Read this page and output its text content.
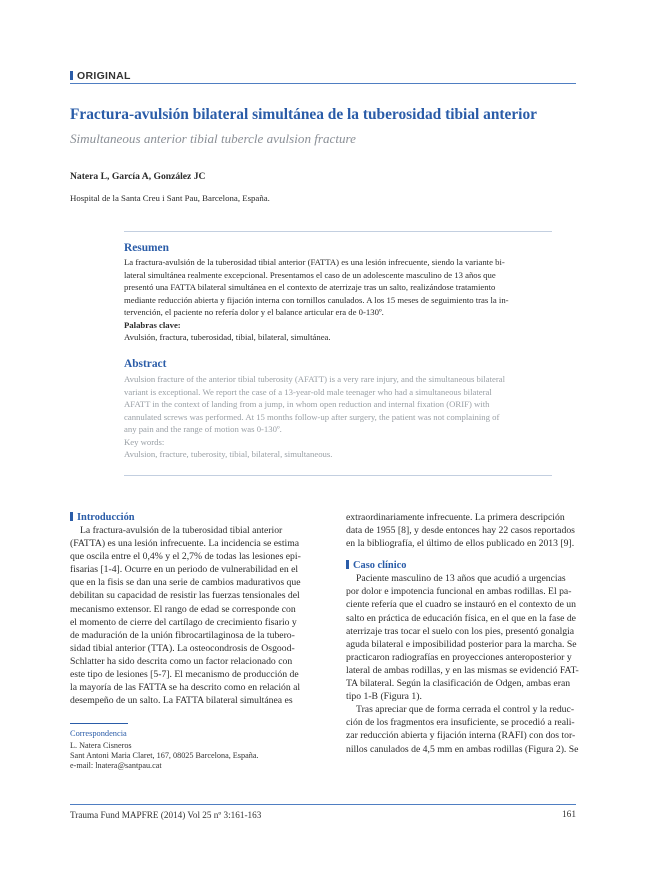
ORIGINAL
Fractura-avulsión bilateral simultánea de la tuberosidad tibial anterior
Simultaneous anterior tibial tubercle avulsion fracture
Natera L, García A, González JC
Hospital de la Santa Creu i Sant Pau, Barcelona, España.
Resumen
La fractura-avulsión de la tuberosidad tibial anterior (FATTA) es una lesión infrecuente, siendo la variante bi-
lateral simultánea realmente excepcional. Presentamos el caso de un adolescente masculino de 13 años que
presentó una FATTA bilateral simultánea en el contexto de aterrizaje tras un salto, realizándose tratamiento
mediante reducción abierta y fijación interna con tornillos canulados. A los 15 meses de seguimiento tras la in-
tervención, el paciente no refería dolor y el balance articular era de 0-130º.
Palabras clave:
Avulsión, fractura, tuberosidad, tibial, bilateral, simultánea.
Abstract
Avulsion fracture of the anterior tibial tuberosity (AFATT) is a very rare injury, and the simultaneous bilateral
variant is exceptional. We report the case of a 13-year-old male teenager who had a simultaneous bilateral
AFATT in the context of landing from a jump, in whom open reduction and internal fixation (ORIF) with
cannulated screws was performed. At 15 months follow-up after surgery, the patient was not complaining of
any pain and the range of motion was 0-130º.
Key words:
Avulsion, fracture, tuberosity, tibial, bilateral, simultaneous.
Introducción
La fractura-avulsión de la tuberosidad tibial anterior
(FATTA) es una lesión infrecuente. La incidencia se estima
que oscila entre el 0,4% y el 2,7% de todas las lesiones epi-
fisarias [1-4]. Ocurre en un periodo de vulnerabilidad en el
que en la fisis se dan una serie de cambios madurativos que
debilitan su capacidad de resistir las fuerzas tensionales del
mecanismo extensor. El rango de edad se corresponde con
el momento de cierre del cartílago de crecimiento fisario y
de maduración de la unión fibrocartilaginosa de la tubero-
sidad tibial anterior (TTA). La osteocondrosis de Osgood-
Schlatter ha sido descrita como un factor relacionado con
este tipo de lesiones [5-7]. El mecanismo de producción de
la mayoría de las FATTA se ha descrito como en relación al
desempeño de un salto. La FATTA bilateral simultánea es
Correspondencia
L. Natera Cisneros
Sant Antoni Maria Claret, 167, 08025 Barcelona, España.
e-mail: lnatera@santpau.cat
extraordinariamente infrecuente. La primera descripción
data de 1955 [8], y desde entonces hay 22 casos reportados
en la bibliografía, el último de ellos publicado en 2013 [9].
Caso clínico
Paciente masculino de 13 años que acudió a urgencias
por dolor e impotencia funcional en ambas rodillas. El pa-
ciente refería que el cuadro se instauró en el contexto de un
salto en práctica de educación física, en el que en la fase de
aterrizaje tras tocar el suelo con los pies, presentó gonalgia
aguda bilateral e imposibilidad posterior para la marcha. Se
practicaron radiografías en proyecciones anteroposterior y
lateral de ambas rodillas, y en las mismas se evidenció FAT-
TA bilateral. Según la clasificación de Odgen, ambas eran
tipo 1-B (Figura 1).
Tras apreciar que de forma cerrada el control y la reduc-
ción de los fragmentos era insuficiente, se procedió a reali-
zar reducción abierta y fijación interna (RAFI) con dos tor-
nillos canulados de 4,5 mm en ambas rodillas (Figura 2). Se
Trauma Fund MAPFRE (2014) Vol 25 nº 3:161-163	161
